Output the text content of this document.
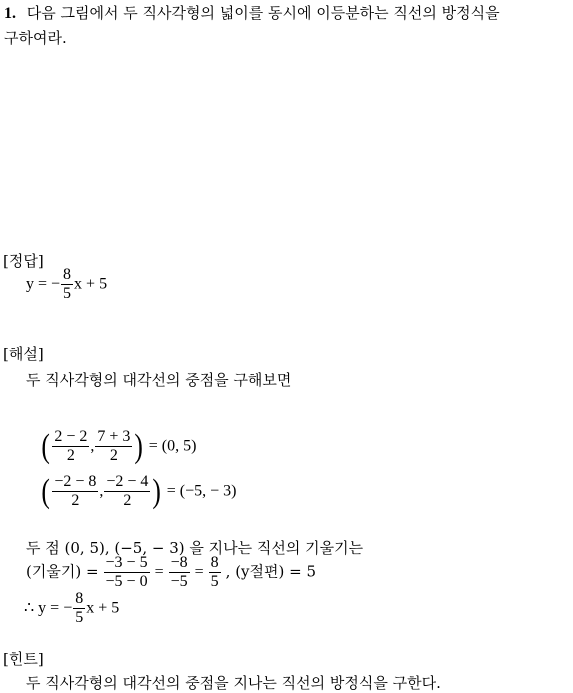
1. 다음 그림에서 두 직사각형의 넓이를 동시에 이등분하는 직선의 방정식을
구하여라.
[정답]
y = − $\frac{8}{5}$ x + 5
[해설]
두 직사각형의 대각선의 중점을 구해보면
( $\frac{2 - 2}{2}$ , $\frac{7 + 3}{2}$ ) = (0, 5)
( $\frac{-2 - 8}{2}$ , $\frac{-2 - 4}{2}$ ) = (−5, − 3)
두 점 (0, 5), (−5, − 3) 을 지나는 직선의 기울기는
(기울기) = $\frac{-3 - 5}{-5 - 0} = \frac{-8}{-5} = \frac{8}{5}$ , (y절편) = 5
∴ y = − $\frac{8}{5}$ x + 5
[힌트]
두 직사각형의 대각선의 중점을 지나는 직선의 방정식을 구한다.
